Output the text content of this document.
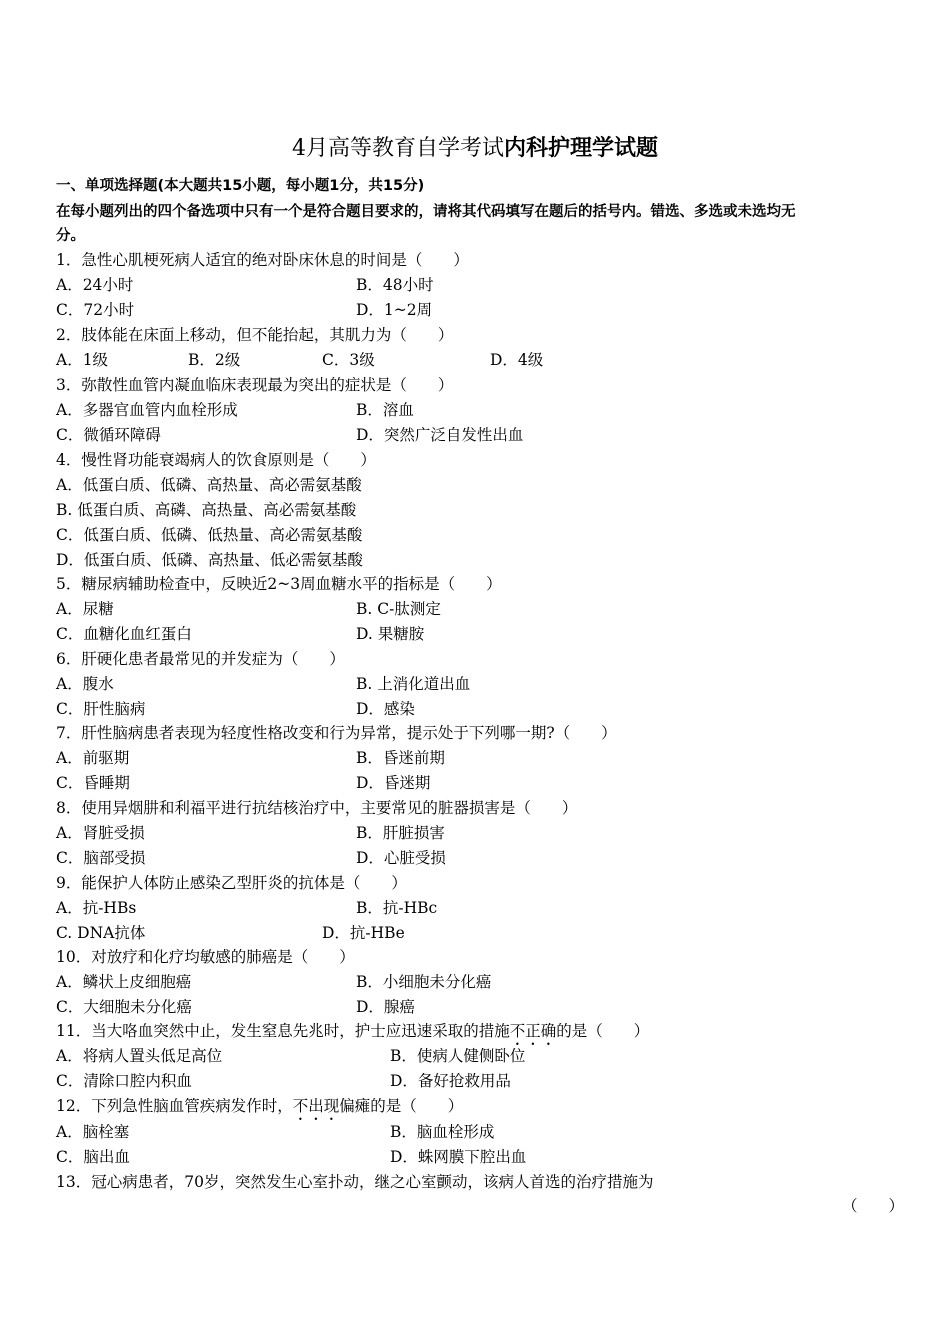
4月高等教育自学考试内科护理学试题
一、单项选择题(本大题共15小题，每小题1分，共15分)
在每小题列出的四个备选项中只有一个是符合题目要求的，请将其代码填写在题后的括号内。错选、多选或未选均无
分。
1．急性心肌梗死病人适宜的绝对卧床休息的时间是（　　）
A．24小时	B．48小时
C．72小时	D．1~2周
2．肢体能在床面上移动，但不能抬起，其肌力为（　　）
A．1级	B．2级	C．3级	D．4级
3．弥散性血管内凝血临床表现最为突出的症状是（　　）
A．多器官血管内血栓形成	B．溶血
C．微循环障碍	D．突然广泛自发性出血
4．慢性肾功能衰竭病人的饮食原则是（　　）
A．低蛋白质、低磷、高热量、高必需氨基酸
B. 低蛋白质、高磷、高热量、高必需氨基酸
C．低蛋白质、低磷、低热量、高必需氨基酸
D．低蛋白质、低磷、高热量、低必需氨基酸
5．糖尿病辅助检查中，反映近2~3周血糖水平的指标是（　　）
A．尿糖	B. C-肽测定
C．血糖化血红蛋白	D. 果糖胺
6．肝硬化患者最常见的并发症为（　　）
A．腹水	B. 上消化道出血
C．肝性脑病	D．感染
7．肝性脑病患者表现为轻度性格改变和行为异常，提示处于下列哪一期?（　　）
A．前驱期	B．昏迷前期
C．昏睡期	D．昏迷期
8．使用异烟肼和利福平进行抗结核治疗中，主要常见的脏器损害是（　　）
A．肾脏受损	B．肝脏损害
C．脑部受损	D．心脏受损
9．能保护人体防止感染乙型肝炎的抗体是（　　）
A．抗-HBs	B．抗-HBc
C. DNA抗体	D．抗-HBe
10．对放疗和化疗均敏感的肺癌是（　　）
A．鳞状上皮细胞癌	B．小细胞未分化癌
C．大细胞未分化癌	D．腺癌
11．当大咯血突然中止，发生窒息先兆时，护士应迅速采取的措施不正确的是（　　）
A．将病人置头低足高位	B．使病人健侧卧位
C．清除口腔内积血	D．备好抢救用品
12．下列急性脑血管疾病发作时，不出现偏瘫的是（　　）
A．脑栓塞	B．脑血栓形成
C．脑出血	D．蛛网膜下腔出血
13．冠心病患者，70岁，突然发生心室扑动，继之心室颤动，该病人首选的治疗措施为
（　　）
